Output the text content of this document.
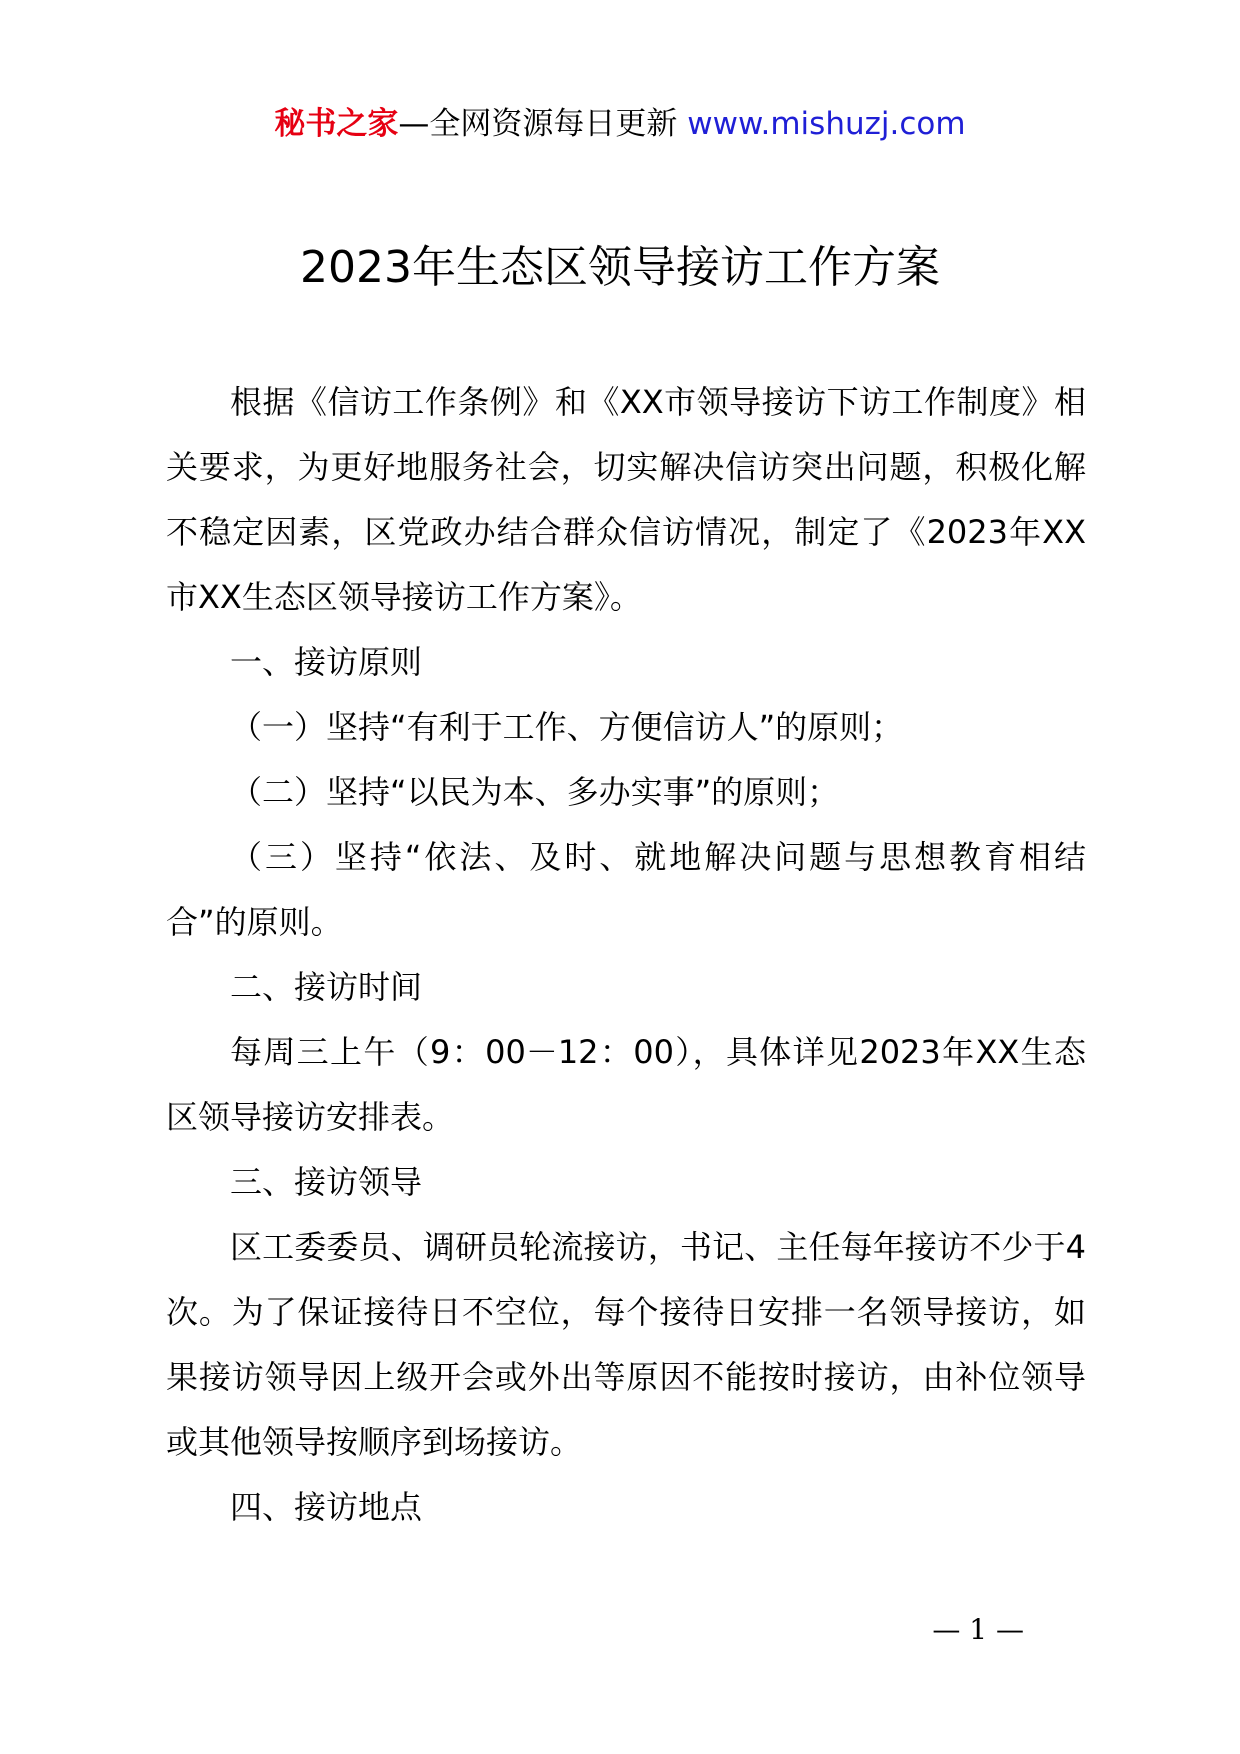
秘书之家—全网资源每日更新 www.mishuzj.com
2023年生态区领导接访工作方案

根据《信访工作条例》和《XX市领导接访下访工作制度》相关要求，为更好地服务社会，切实解决信访突出问题，积极化解不稳定因素，区党政办结合群众信访情况，制定了《2023年XX市XX生态区领导接访工作方案》。

一、接访原则

（一）坚持“有利于工作、方便信访人”的原则；

（二）坚持“以民为本、多办实事”的原则；

（三）坚持“依法、及时、就地解决问题与思想教育相结合”的原则。

二、接访时间

每周三上午（9：00－12：00），具体详见2023年XX生态区领导接访安排表。

三、接访领导

区工委委员、调研员轮流接访，书记、主任每年接访不少于4次。为了保证接待日不空位，每个接待日安排一名领导接访，如果接访领导因上级开会或外出等原因不能按时接访，由补位领导或其他领导按顺序到场接访。

四、接访地点

— 1 —
